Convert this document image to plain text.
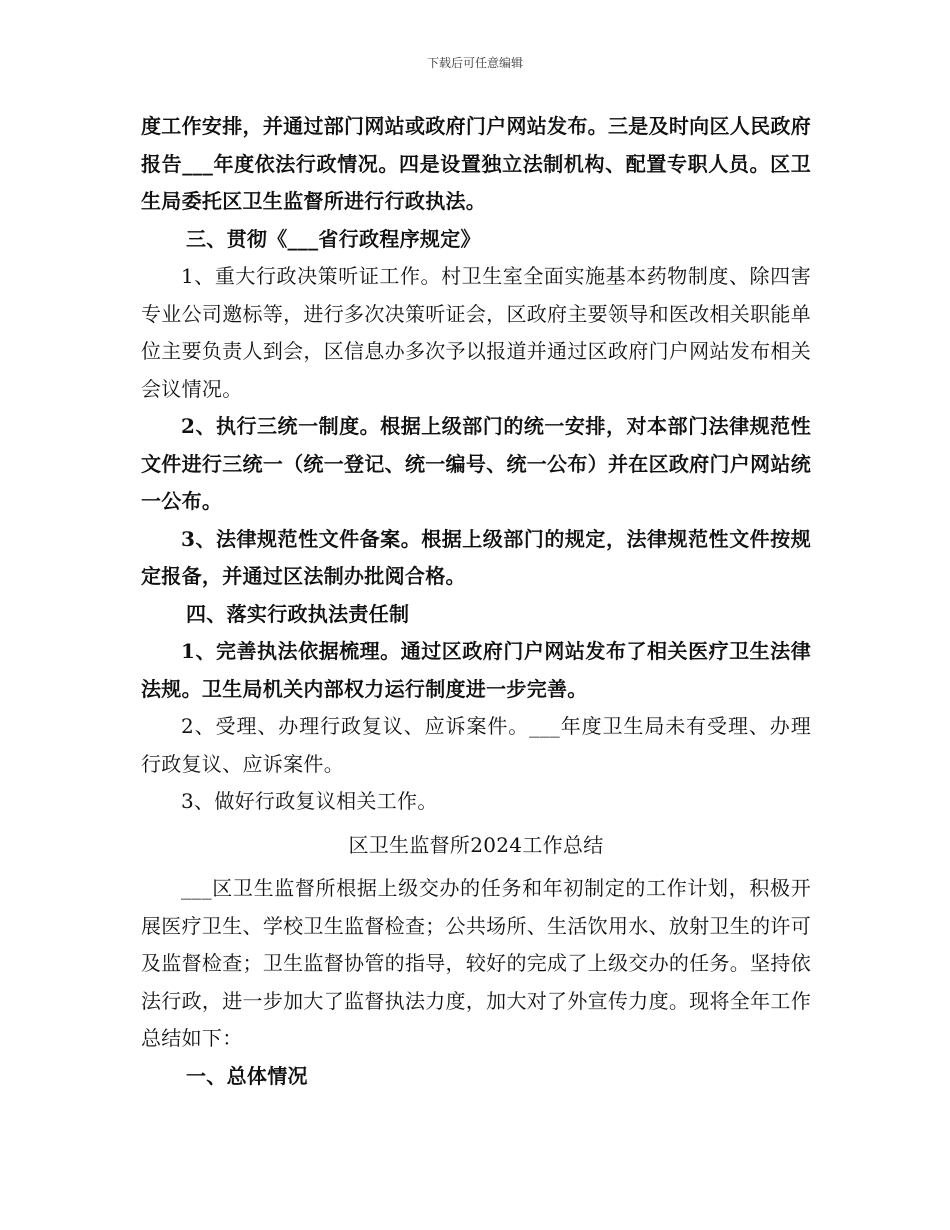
下载后可任意编辑

度工作安排，并通过部门网站或政府门户网站发布。三是及时向区人民政府报告___年度依法行政情况。四是设置独立法制机构、配置专职人员。区卫生局委托区卫生监督所进行行政执法。

三、贯彻《___省行政程序规定》

1、重大行政决策听证工作。村卫生室全面实施基本药物制度、除四害专业公司邀标等，进行多次决策听证会，区政府主要领导和医改相关职能单位主要负责人到会，区信息办多次予以报道并通过区政府门户网站发布相关会议情况。

2、执行三统一制度。根据上级部门的统一安排，对本部门法律规范性文件进行三统一（统一登记、统一编号、统一公布）并在区政府门户网站统一公布。

3、法律规范性文件备案。根据上级部门的规定，法律规范性文件按规定报备，并通过区法制办批阅合格。

四、落实行政执法责任制

1、完善执法依据梳理。通过区政府门户网站发布了相关医疗卫生法律法规。卫生局机关内部权力运行制度进一步完善。

2、受理、办理行政复议、应诉案件。___年度卫生局未有受理、办理行政复议、应诉案件。

3、做好行政复议相关工作。

区卫生监督所2024工作总结

___区卫生监督所根据上级交办的任务和年初制定的工作计划，积极开展医疗卫生、学校卫生监督检查；公共场所、生活饮用水、放射卫生的许可及监督检查；卫生监督协管的指导，较好的完成了上级交办的任务。坚持依法行政，进一步加大了监督执法力度，加大对了外宣传力度。现将全年工作总结如下：

一、总体情况
